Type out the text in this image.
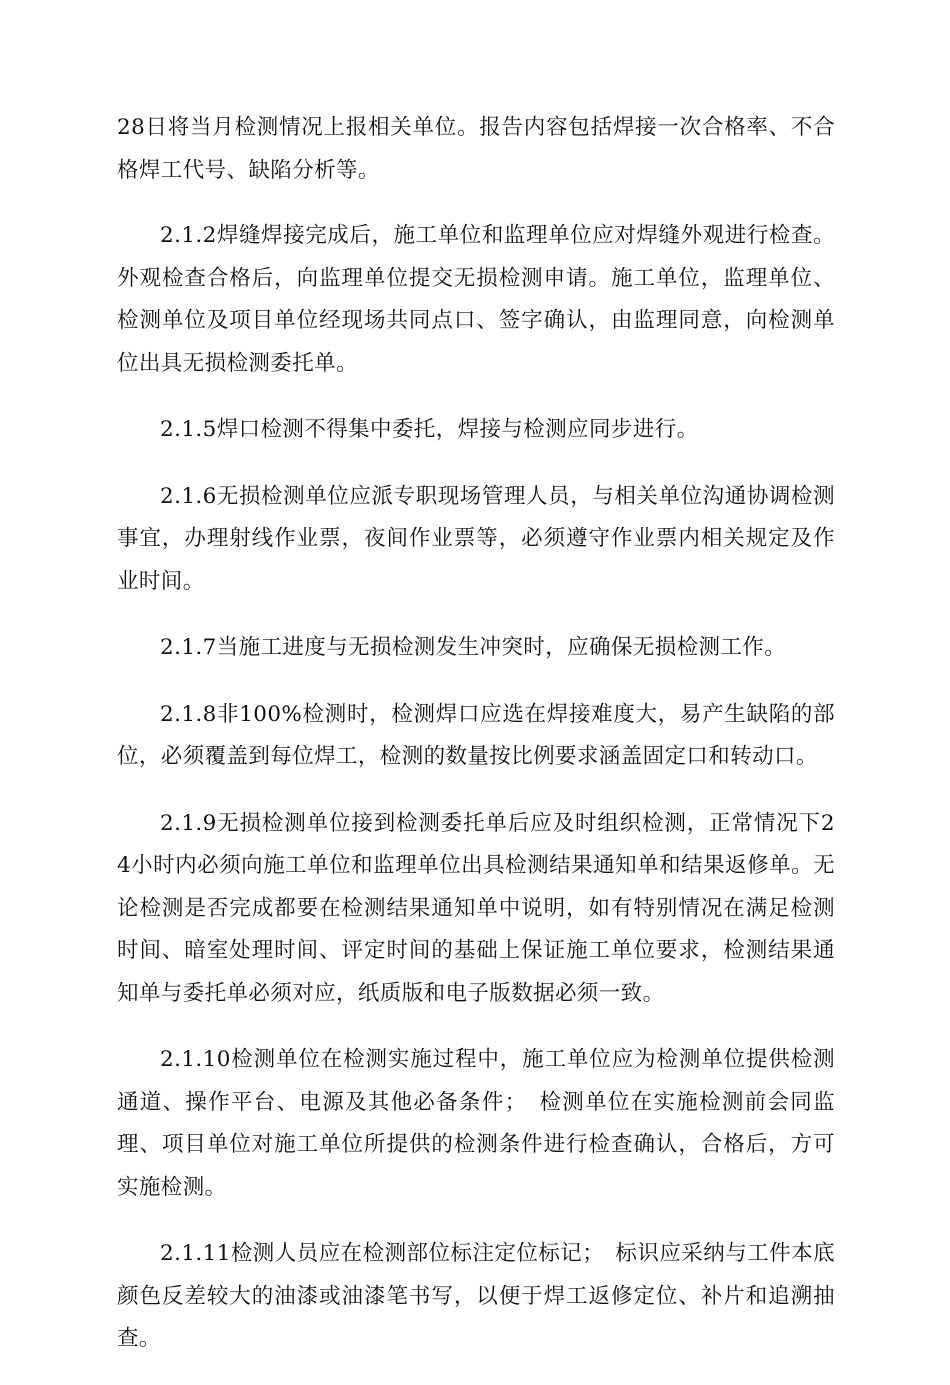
28日将当月检测情况上报相关单位。报告内容包括焊接一次合格率、不合格焊工代号、缺陷分析等。

2.1.2焊缝焊接完成后，施工单位和监理单位应对焊缝外观进行检查。外观检查合格后，向监理单位提交无损检测申请。施工单位，监理单位、检测单位及项目单位经现场共同点口、签字确认，由监理同意，向检测单位出具无损检测委托单。

2.1.5焊口检测不得集中委托，焊接与检测应同步进行。

2.1.6无损检测单位应派专职现场管理人员，与相关单位沟通协调检测事宜，办理射线作业票，夜间作业票等，必须遵守作业票内相关规定及作业时间。

2.1.7当施工进度与无损检测发生冲突时，应确保无损检测工作。

2.1.8非100%检测时，检测焊口应选在焊接难度大，易产生缺陷的部位，必须覆盖到每位焊工，检测的数量按比例要求涵盖固定口和转动口。

2.1.9无损检测单位接到检测委托单后应及时组织检测，正常情况下24小时内必须向施工单位和监理单位出具检测结果通知单和结果返修单。无论检测是否完成都要在检测结果通知单中说明，如有特别情况在满足检测时间、暗室处理时间、评定时间的基础上保证施工单位要求，检测结果通知单与委托单必须对应，纸质版和电子版数据必须一致。

2.1.10检测单位在检测实施过程中，施工单位应为检测单位提供检测通道、操作平台、电源及其他必备条件；　检测单位在实施检测前会同监理、项目单位对施工单位所提供的检测条件进行检查确认，合格后，方可实施检测。

2.1.11检测人员应在检测部位标注定位标记；　标识应采纳与工件本底颜色反差较大的油漆或油漆笔书写，以便于焊工返修定位、补片和追溯抽查。
